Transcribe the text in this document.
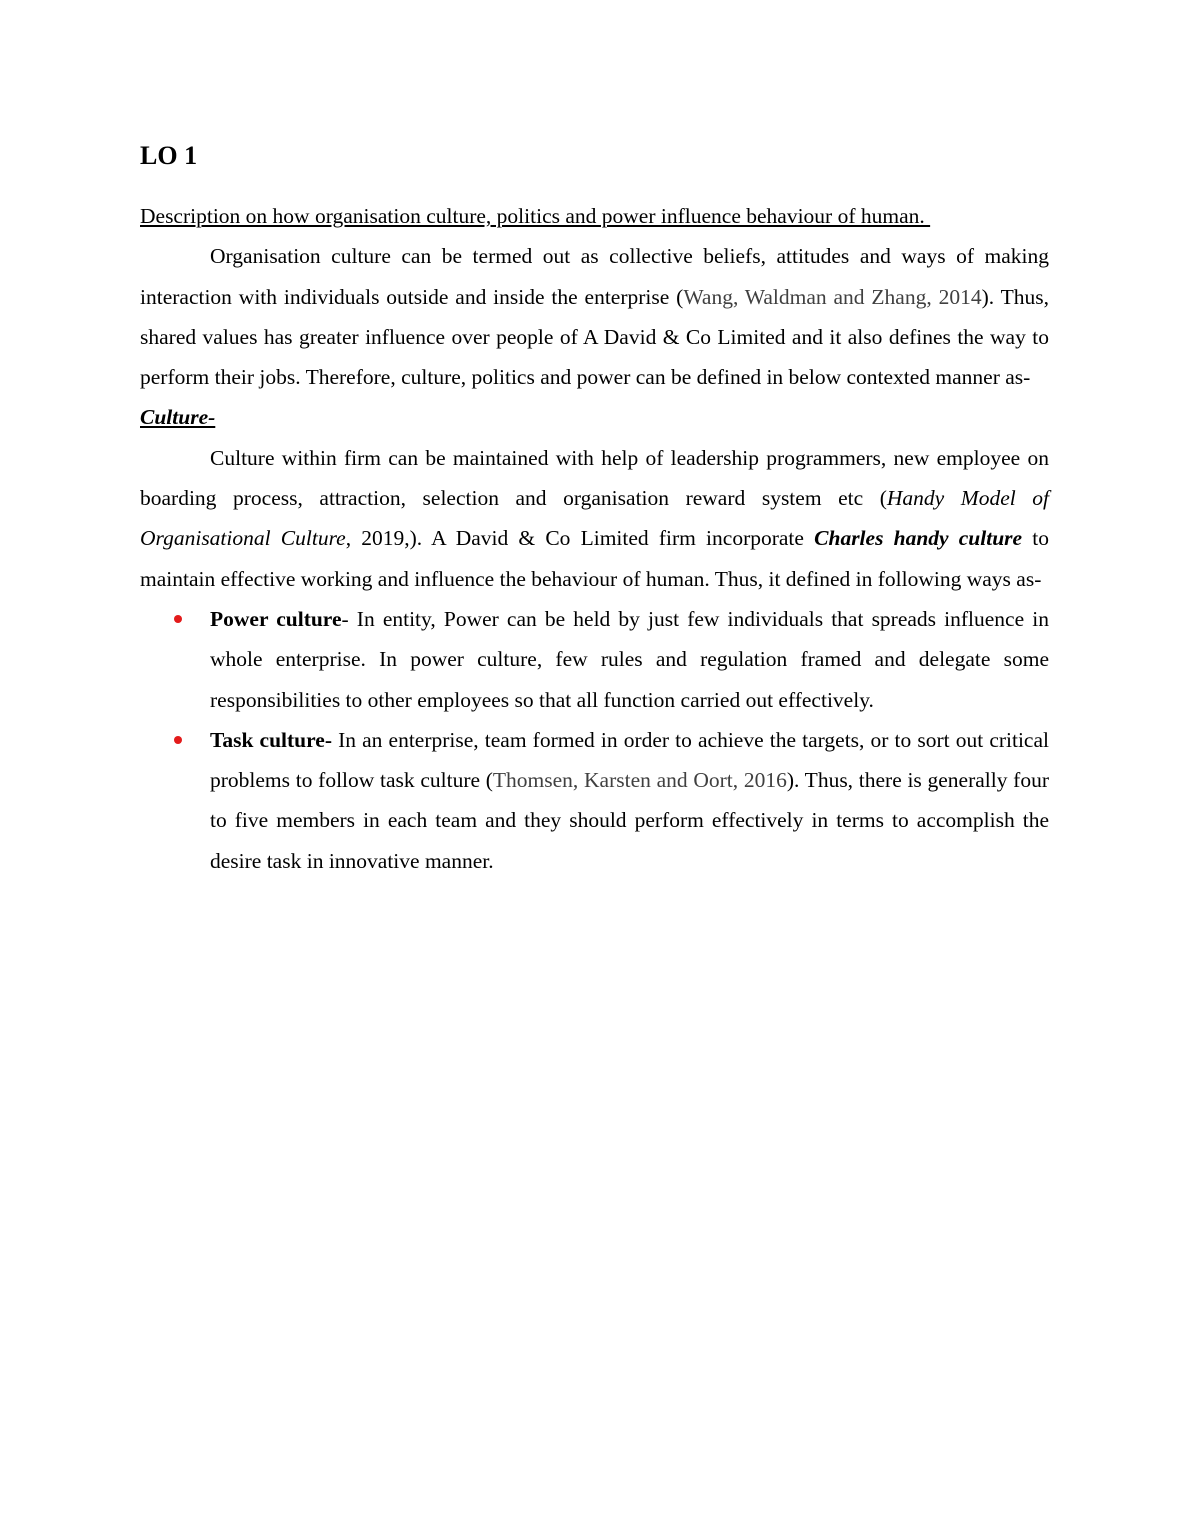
LO 1

Description on how organisation culture, politics and power influence behaviour of human.

Organisation culture can be termed out as collective beliefs, attitudes and ways of making interaction with individuals outside and inside the enterprise (Wang, Waldman and Zhang, 2014). Thus, shared values has greater influence over people of A David & Co Limited and it also defines the way to perform their jobs. Therefore, culture, politics and power can be defined in below contexted manner as-

Culture-

Culture within firm can be maintained with help of leadership programmers, new employee on boarding process, attraction, selection and organisation reward system etc (Handy Model of Organisational Culture, 2019,). A David & Co Limited firm incorporate Charles handy culture to maintain effective working and influence the behaviour of human. Thus, it defined in following ways as-

Power culture- In entity, Power can be held by just few individuals that spreads influence in whole enterprise. In power culture, few rules and regulation framed and delegate some responsibilities to other employees so that all function carried out effectively.
Task culture- In an enterprise, team formed in order to achieve the targets, or to sort out critical problems to follow task culture (Thomsen, Karsten and Oort, 2016). Thus, there is generally four to five members in each team and they should perform effectively in terms to accomplish the desire task in innovative manner.
